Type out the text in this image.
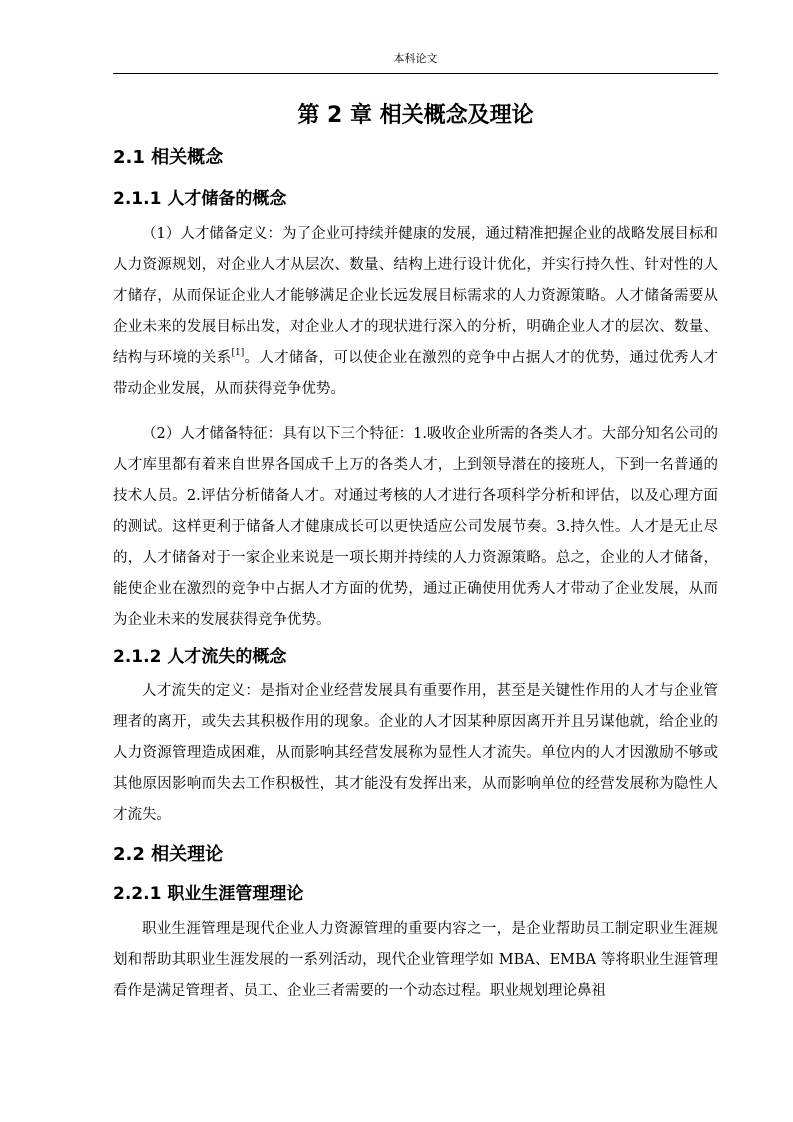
本科论文
第 2 章 相关概念及理论
2.1 相关概念
2.1.1 人才储备的概念

（1）人才储备定义：为了企业可持续并健康的发展，通过精准把握企业的战略发展目标和人力资源规划，对企业人才从层次、数量、结构上进行设计优化，并实行持久性、针对性的人才储存，从而保证企业人才能够满足企业长远发展目标需求的人力资源策略。人才储备需要从企业未来的发展目标出发，对企业人才的现状进行深入的分析，明确企业人才的层次、数量、结构与环境的关系[1]。人才储备，可以使企业在激烈的竞争中占据人才的优势，通过优秀人才带动企业发展，从而获得竞争优势。

（2）人才储备特征：具有以下三个特征：1.吸收企业所需的各类人才。大部分知名公司的人才库里都有着来自世界各国成千上万的各类人才，上到领导潜在的接班人，下到一名普通的技术人员。2.评估分析储备人才。对通过考核的人才进行各项科学分析和评估，以及心理方面的测试。这样更利于储备人才健康成长可以更快适应公司发展节奏。3.持久性。人才是无止尽的，人才储备对于一家企业来说是一项长期并持续的人力资源策略。总之，企业的人才储备，能使企业在激烈的竞争中占据人才方面的优势，通过正确使用优秀人才带动了企业发展，从而为企业未来的发展获得竞争优势。

2.1.2 人才流失的概念

人才流失的定义：是指对企业经营发展具有重要作用，甚至是关键性作用的人才与企业管理者的离开，或失去其积极作用的现象。企业的人才因某种原因离开并且另谋他就，给企业的人力资源管理造成困难，从而影响其经营发展称为显性人才流失。单位内的人才因激励不够或其他原因影响而失去工作积极性，其才能没有发挥出来，从而影响单位的经营发展称为隐性人才流失。

2.2 相关理论
2.2.1 职业生涯管理理论

职业生涯管理是现代企业人力资源管理的重要内容之一，是企业帮助员工制定职业生涯规划和帮助其职业生涯发展的一系列活动，现代企业管理学如 MBA、EMBA 等将职业生涯管理看作是满足管理者、员工、企业三者需要的一个动态过程。职业规划理论鼻祖
